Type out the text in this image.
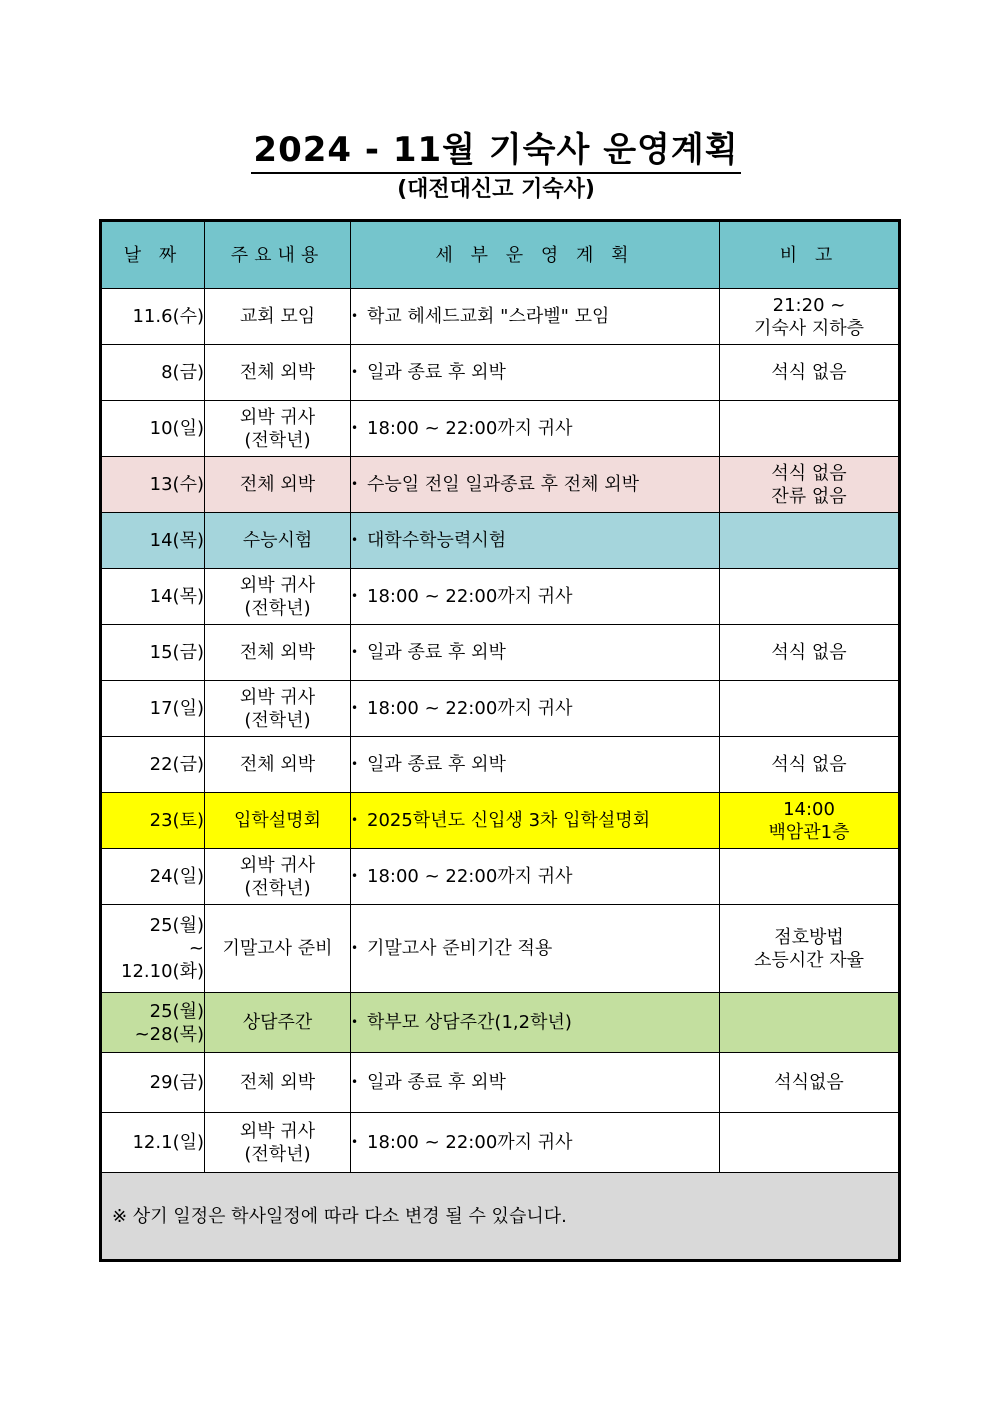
2024 - 11월 기숙사 운영계획
(대전대신고 기숙사)
날 짜	주요내용	세 부 운 영 계 획	비 고
11.6(수)	교회 모임	• 학교 헤세드교회 "스라벨" 모임	21:20 ~
기숙사 지하층
8(금)	전체 외박	• 일과 종료 후 외박	석식 없음
10(일)	외박 귀사
(전학년)	• 18:00 ~ 22:00까지 귀사	
13(수)	전체 외박	• 수능일 전일 일과종료 후 전체 외박	석식 없음
잔류 없음
14(목)	수능시험	• 대학수학능력시험	
14(목)	외박 귀사
(전학년)	• 18:00 ~ 22:00까지 귀사	
15(금)	전체 외박	• 일과 종료 후 외박	석식 없음
17(일)	외박 귀사
(전학년)	• 18:00 ~ 22:00까지 귀사	
22(금)	전체 외박	• 일과 종료 후 외박	석식 없음
23(토)	입학설명회	• 2025학년도 신입생 3차 입학설명회	14:00
백암관1층
24(일)	외박 귀사
(전학년)	• 18:00 ~ 22:00까지 귀사	
25(월)
~
12.10(화)	기말고사 준비	• 기말고사 준비기간 적용	점호방법
소등시간 자율
25(월)
~28(목)	상담주간	• 학부모 상담주간(1,2학년)	
29(금)	전체 외박	• 일과 종료 후 외박	석식없음
12.1(일)	외박 귀사
(전학년)	• 18:00 ~ 22:00까지 귀사	
※ 상기 일정은 학사일정에 따라 다소 변경 될 수 있습니다.			
